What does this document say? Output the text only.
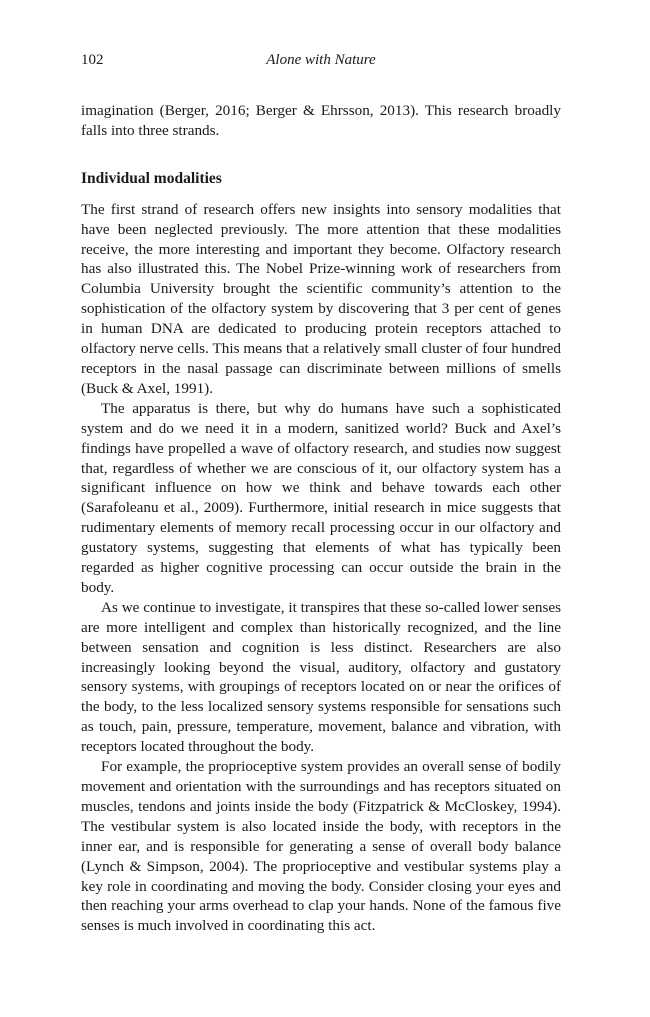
102	Alone with Nature

imagination (Berger, 2016; Berger & Ehrsson, 2013). This research broadly falls into three strands.

Individual modalities

The first strand of research offers new insights into sensory modalities that have been neglected previously. The more attention that these modalities receive, the more interesting and important they become. Olfactory research has also illustrated this. The Nobel Prize-winning work of researchers from Columbia University brought the scientific community’s attention to the sophistication of the olfactory system by discovering that 3 per cent of genes in human DNA are dedicated to producing protein receptors attached to olfactory nerve cells. This means that a relatively small cluster of four hundred receptors in the nasal passage can discriminate between millions of smells (Buck & Axel, 1991).

The apparatus is there, but why do humans have such a sophisticated system and do we need it in a modern, sanitized world? Buck and Axel’s findings have propelled a wave of olfactory research, and studies now suggest that, regardless of whether we are conscious of it, our olfactory system has a significant influence on how we think and behave towards each other (Sarafoleanu et al., 2009). Furthermore, initial research in mice suggests that rudimentary elements of memory recall processing occur in our olfactory and gustatory systems, suggesting that elements of what has typically been regarded as higher cognitive processing can occur outside the brain in the body.

As we continue to investigate, it transpires that these so-called lower senses are more intelligent and complex than historically recognized, and the line between sensation and cognition is less distinct. Researchers are also increasingly looking beyond the visual, auditory, olfactory and gustatory sensory systems, with groupings of receptors located on or near the orifices of the body, to the less localized sensory systems responsible for sensations such as touch, pain, pressure, temperature, movement, balance and vibration, with receptors located throughout the body.

For example, the proprioceptive system provides an overall sense of bodily movement and orientation with the surroundings and has receptors situated on muscles, tendons and joints inside the body (Fitzpatrick & McCloskey, 1994). The vestibular system is also located inside the body, with receptors in the inner ear, and is responsible for generating a sense of overall body balance (Lynch & Simpson, 2004). The proprioceptive and vestibular systems play a key role in coordinating and moving the body. Consider closing your eyes and then reaching your arms overhead to clap your hands. None of the famous five senses is much involved in coordinating this act.
